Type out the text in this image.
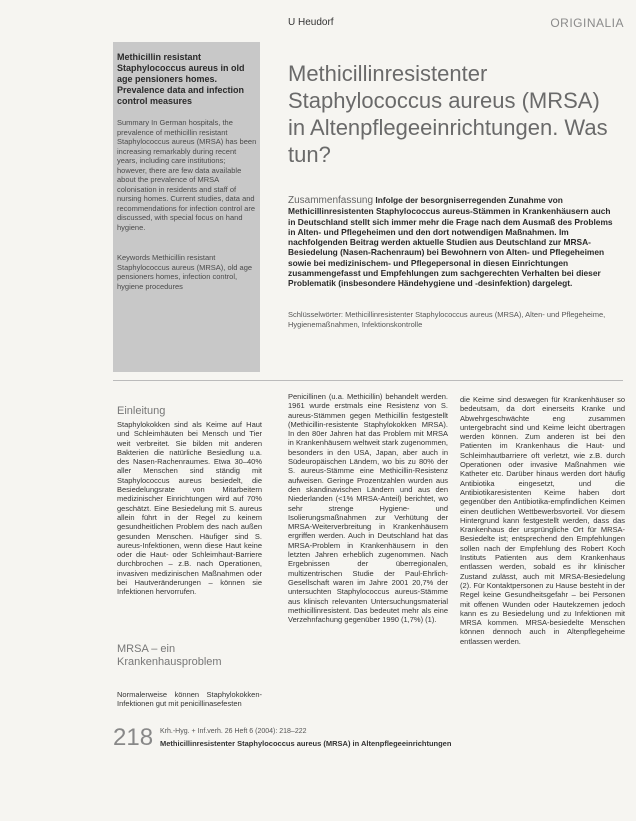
U Heudorf	ORIGINALIA
Methicillin resistant Staphylococcus aureus in old age pensioners homes. Prevalence data and infection control measures
Summary In German hospitals, the prevalence of methicillin resistant Staphylococcus aureus (MRSA) has been increasing remarkably during recent years, including care institutions; however, there are few data available about the prevalence of MRSA colonisation in residents and staff of nursing homes. Current studies, data and recommendations for infection control are discussed, with special focus on hand hygiene.
Keywords Methicillin resistant Staphylococcus aureus (MRSA), old age pensioners homes, infection control, hygiene procedures
Methicillinresistenter Staphylococcus aureus (MRSA) in Altenpflegeeinrichtungen. Was tun?
Zusammenfassung Infolge der besorgniserregenden Zunahme von Methicillinresistenten Staphylococcus aureus-Stämmen in Krankenhäusern auch in Deutschland stellt sich immer mehr die Frage nach dem Ausmaß des Problems in Alten- und Pflegeheimen und den dort notwendigen Maßnahmen. Im nachfolgenden Beitrag werden aktuelle Studien aus Deutschland zur MRSA-Besiedelung (Nasen-Rachenraum) bei Bewohnern von Alten- und Pflegeheimen sowie bei medizinischem- und Pflegepersonal in diesen Einrichtungen zusammengefasst und Empfehlungen zum sachgerechten Verhalten bei dieser Problematik (insbesondere Händehygiene und -desinfektion) dargelegt.
Schlüsselwörter: Methicillinresistenter Staphylococcus aureus (MRSA), Alten- und Pflegeheime, Hygienemaßnahmen, Infektionskontrolle
Einleitung
Staphylokokken sind als Keime auf Haut und Schleimhäuten bei Mensch und Tier weit verbreitet. Sie bilden mit anderen Bakterien die natürliche Besiedlung u.a. des Nasen-Rachenraumes. Etwa 30–40% aller Menschen sind ständig mit Staphylococcus aureus besiedelt, die Besiedelungsrate von Mitarbeitern medizinischer Einrichtungen wird auf 70% geschätzt. Eine Besiedelung mit S. aureus allein führt in der Regel zu keinem gesundheitlichen Problem des nach außen gesunden Menschen. Häufiger sind S. aureus-Infektionen, wenn diese Haut keine oder die Haut- oder Schleimhaut-Barriere durchbrochen – z.B. nach Operationen, invasiven medizinischen Maßnahmen oder bei Hautveränderungen – können sie Infektionen hervorrufen.
MRSA – ein Krankenhausproblem
Normalerweise können Staphylokokken-Infektionen gut mit penicillinasefesten
Penicillinen (u.a. Methicillin) behandelt werden. 1961 wurde erstmals eine Resistenz von S. aureus-Stämmen gegen Methicillin festgestellt (Methicillin-resistente Staphylokokken MRSA). In den 80er Jahren hat das Problem mit MRSA in Krankenhäusern weltweit stark zugenommen, besonders in den USA, Japan, aber auch in Südeuropäischen Ländern, wo bis zu 80% der S. aureus-Stämme eine Methicillin-Resistenz aufweisen. Geringe Prozentzahlen wurden aus den skandinavischen Ländern und aus den Niederlanden (<1% MRSA-Anteil) berichtet, wo sehr strenge Hygiene- und Isolierungsmaßnahmen zur Verhütung der MRSA-Weiterverbreitung in Krankenhäusern ergriffen werden. Auch in Deutschland hat das MRSA-Problem in Krankenhäusern in den letzten Jahren erheblich zugenommen. Nach Ergebnissen der überregionalen, multizentrischen Studie der Paul-Ehrlich-Gesellschaft waren im Jahre 2001 20,7% der untersuchten Staphylococcus aureus-Stämme aus klinisch relevanten Untersuchungsmaterial methicillinresistent. Das bedeutet mehr als eine Verzehnfachung gegenüber 1990 (1,7%) (1).
die Keime sind deswegen für Krankenhäuser so bedeutsam, da dort einerseits Kranke und Abwehrgeschwächte eng zusammen untergebracht sind und Keime leicht übertragen werden können. Zum anderen ist bei den Patienten im Krankenhaus die Haut- und Schleimhautbarriere oft verletzt, wie z.B. durch Operationen oder invasive Maßnahmen wie Katheter etc. Darüber hinaus werden dort häufig Antibiotika eingesetzt, und die Antibiotikaresistenten Keime haben dort gegenüber den Antibiotika-empfindlichen Keimen einen deutlichen Wettbewerbsvorteil. Vor diesem Hintergrund kann festgestellt werden, dass das Krankenhaus der ursprüngliche Ort für MRSA-Besiedelte ist; entsprechend den Empfehlungen sollen nach der Empfehlung des Robert Koch Instituts Patienten aus dem Krankenhaus entlassen werden, sobald es ihr klinischer Zustand zulässt, auch mit MRSA-Besiedelung (2). Für Kontaktpersonen zu Hause besteht in der Regel keine Gesundheitsgefahr – bei Personen mit offenen Wunden oder Hautekzemen jedoch kann es zu Besiedelung und zu Infektionen mit MRSA kommen. MRSA-besiedelte Menschen können dennoch auch in Altenpflegeheime entlassen werden.
218 Krh.-Hyg. + Inf.verh. 26 Heft 6 (2004): 218–222
Methicillinresistenter Staphylococcus aureus (MRSA) in Altenpflegeeinrichtungen
